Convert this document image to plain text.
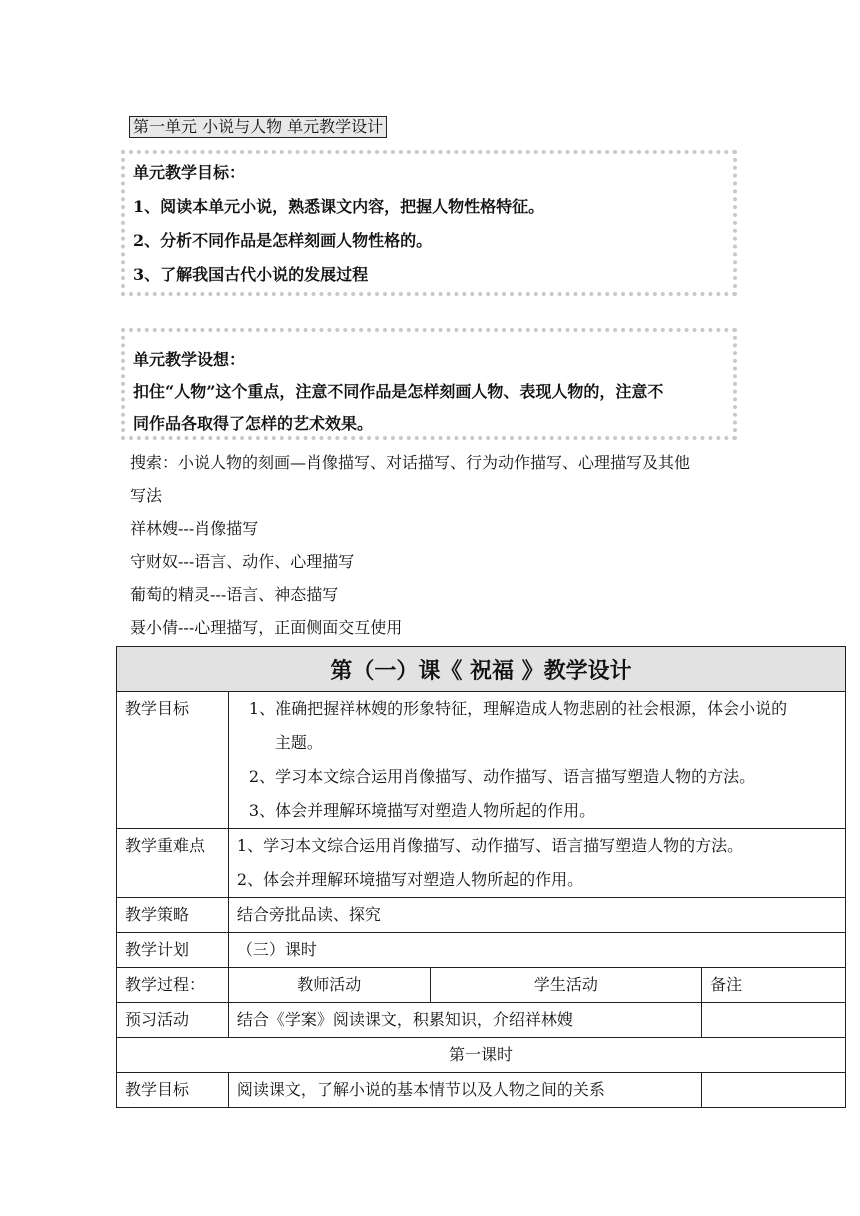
第一单元 小说与人物 单元教学设计

单元教学目标：

1、阅读本单元小说，熟悉课文内容，把握人物性格特征。

2、分析不同作品是怎样刻画人物性格的。

3、了解我国古代小说的发展过程

单元教学设想：

扣住“人物”这个重点，注意不同作品是怎样刻画人物、表现人物的，注意不

同作品各取得了怎样的艺术效果。

搜索：小说人物的刻画—肖像描写、对话描写、行为动作描写、心理描写及其他

写法

祥林嫂---肖像描写

守财奴---语言、动作、心理描写

葡萄的精灵---语言、神态描写

聂小倩---心理描写，正面侧面交互使用

第（一）课《 祝福 》教学设计			
教学目标	1、准确把握祥林嫂的形象特征，理解造成人物悲剧的社会根源，体会小说的

主题。

2、学习本文综合运用肖像描写、动作描写、语言描写塑造人物的方法。

3、体会并理解环境描写对塑造人物所起的作用。		

教学重难点	1、学习本文综合运用肖像描写、动作描写、语言描写塑造人物的方法。

2、体会并理解环境描写对塑造人物所起的作用。		

教学策略	结合旁批品读、探究		
教学计划	（三）课时		
教学过程：	教师活动	学生活动	备注
预习活动	结合《学案》阅读课文，积累知识，介绍祥林嫂		
第一课时			
教学目标	阅读课文，了解小说的基本情节以及人物之间的关系		
